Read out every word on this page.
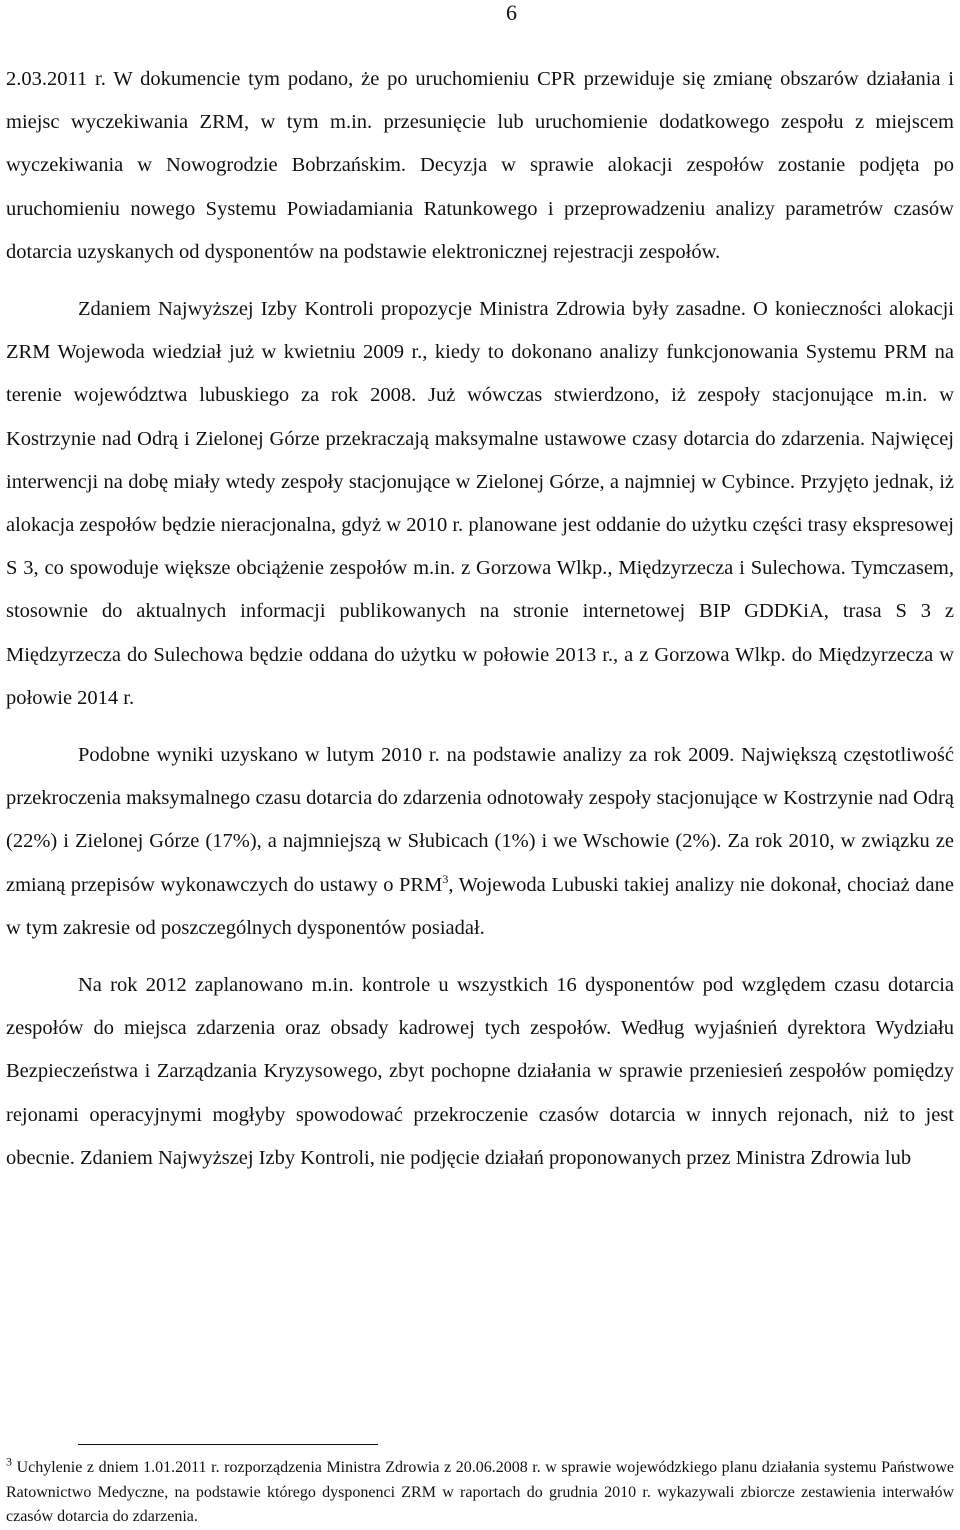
6

2.03.2011 r. W dokumencie tym podano, że po uruchomieniu CPR przewiduje się zmianę obszarów działania i miejsc wyczekiwania ZRM, w tym m.in. przesunięcie lub uruchomienie dodatkowego zespołu z miejscem wyczekiwania w Nowogrodzie Bobrzańskim. Decyzja w sprawie alokacji zespołów zostanie podjęta po uruchomieniu nowego Systemu Powiadamiania Ratunkowego i przeprowadzeniu analizy parametrów czasów dotarcia uzyskanych od dysponentów na podstawie elektronicznej rejestracji zespołów.

Zdaniem Najwyższej Izby Kontroli propozycje Ministra Zdrowia były zasadne. O konieczności alokacji ZRM Wojewoda wiedział już w kwietniu 2009 r., kiedy to dokonano analizy funkcjonowania Systemu PRM na terenie województwa lubuskiego za rok 2008. Już wówczas stwierdzono, iż zespoły stacjonujące m.in. w Kostrzynie nad Odrą i Zielonej Górze przekraczają maksymalne ustawowe czasy dotarcia do zdarzenia. Najwięcej interwencji na dobę miały wtedy zespoły stacjonujące w Zielonej Górze, a najmniej w Cybince. Przyjęto jednak, iż alokacja zespołów będzie nieracjonalna, gdyż w 2010 r. planowane jest oddanie do użytku części trasy ekspresowej S 3, co spowoduje większe obciążenie zespołów m.in. z Gorzowa Wlkp., Międzyrzecza i Sulechowa. Tymczasem, stosownie do aktualnych informacji publikowanych na stronie internetowej BIP GDDKiA, trasa S 3 z Międzyrzecza do Sulechowa będzie oddana do użytku w połowie 2013 r., a z Gorzowa Wlkp. do Międzyrzecza w połowie 2014 r.

Podobne wyniki uzyskano w lutym 2010 r. na podstawie analizy za rok 2009. Największą częstotliwość przekroczenia maksymalnego czasu dotarcia do zdarzenia odnotowały zespoły stacjonujące w Kostrzynie nad Odrą (22%) i Zielonej Górze (17%), a najmniejszą w Słubicach (1%) i we Wschowie (2%). Za rok 2010, w związku ze zmianą przepisów wykonawczych do ustawy o PRM$^3$, Wojewoda Lubuski takiej analizy nie dokonał, chociaż dane w tym zakresie od poszczególnych dysponentów posiadał.

Na rok 2012 zaplanowano m.in. kontrole u wszystkich 16 dysponentów pod względem czasu dotarcia zespołów do miejsca zdarzenia oraz obsady kadrowej tych zespołów. Według wyjaśnień dyrektora Wydziału Bezpieczeństwa i Zarządzania Kryzysowego, zbyt pochopne działania w sprawie przeniesień zespołów pomiędzy rejonami operacyjnymi mogłyby spowodować przekroczenie czasów dotarcia w innych rejonach, niż to jest obecnie. Zdaniem Najwyższej Izby Kontroli, nie podjęcie działań proponowanych przez Ministra Zdrowia lub

$^3$ Uchylenie z dniem 1.01.2011 r. rozporządzenia Ministra Zdrowia z 20.06.2008 r. w sprawie wojewódzkiego planu działania systemu Państwowe Ratownictwo Medyczne, na podstawie którego dysponenci ZRM w raportach do grudnia 2010 r. wykazywali zbiorcze zestawienia interwałów czasów dotarcia do zdarzenia.
